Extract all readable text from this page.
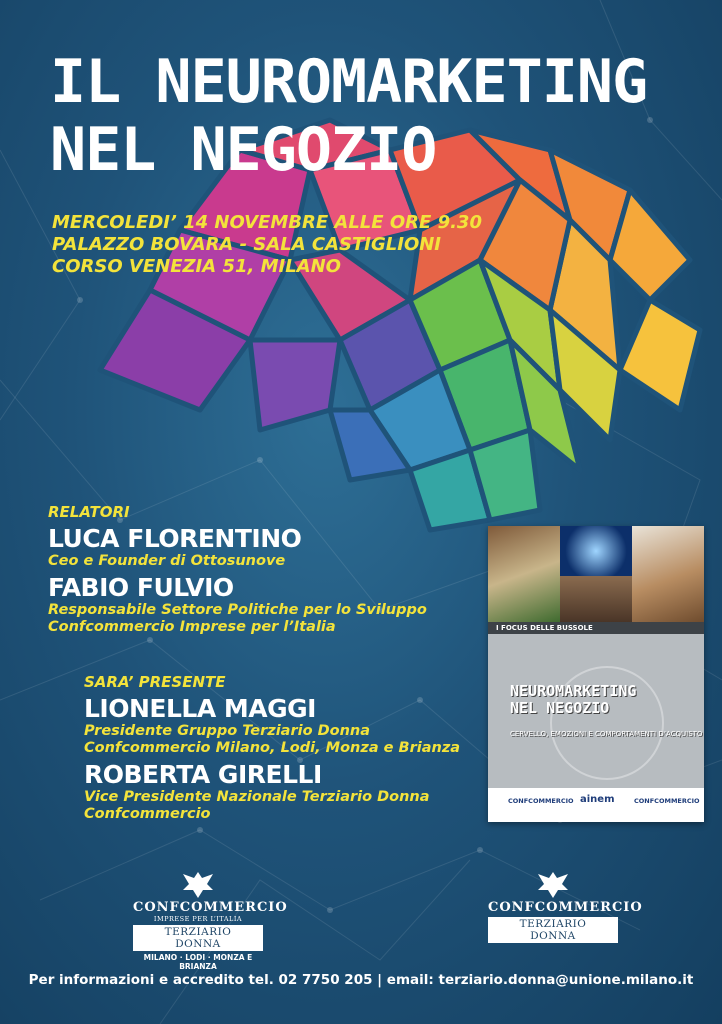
IL NEUROMARKETING
NEL NEGOZIO
MERCOLEDI’ 14 NOVEMBRE ALLE ORE 9.30
PALAZZO BOVARA - SALA CASTIGLIONI
CORSO VENEZIA 51, MILANO
RELATORI
LUCA FLORENTINO
Ceo e Founder di Ottosunove
FABIO FULVIO
Responsabile Settore Politiche per lo Sviluppo
Confcommercio Imprese per l’Italia
SARA’ PRESENTE
LIONELLA MAGGI
Presidente Gruppo Terziario Donna
Confcommercio Milano, Lodi, Monza e Brianza
ROBERTA GIRELLI
Vice Presidente Nazionale Terziario Donna
Confcommercio
I FOCUS DELLE BUSSOLE
NEUROMARKETING
NEL NEGOZIO
CERVELLO, EMOZIONI E COMPORTAMENTI D’ACQUISTO
CONFCOMMERCIO ainem	CONFCOMMERCIO
CONFCOMMERCIO
IMPRESE PER L’ITALIA
TERZIARIO DONNA
MILANO · LODI · MONZA E BRIANZA
CONFCOMMERCIO
TERZIARIO DONNA
Per informazioni e accredito tel. 02 7750 205 | email: terziario.donna@unione.milano.it
